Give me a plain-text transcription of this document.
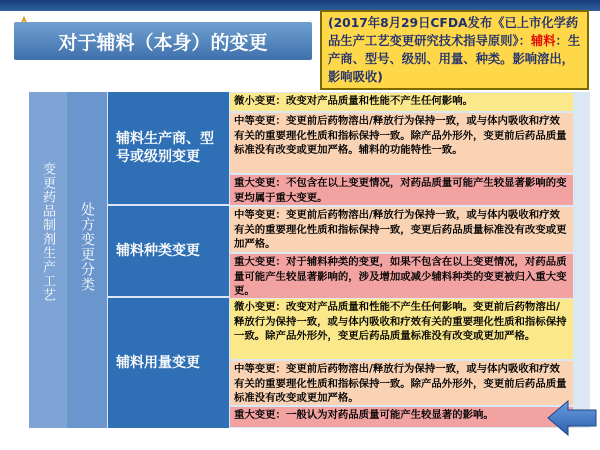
对于辅料（本身）的变更
(2017年8月29日CFDA发布《已上市化学药品生产工艺变更研究技术指导原则》：辅料：生产商、型号、级别、用量、种类。影响溶出，影响吸收)
变更药品制剂生产工艺 处方变更分类
辅料生产商、型号或级别变更
辅料种类变更
辅料用量变更
微小变更：改变对产品质量和性能不产生任何影响。
中等变更：变更前后药物溶出/释放行为保持一致，或与体内吸收和疗效有关的重要理化性质和指标保持一致。除产品外形外，变更前后药品质量标准没有改变或更加严格。辅料的功能特性一致。
重大变更：不包含在以上变更情况，对药品质量可能产生较显著影响的变更均属于重大变更。
中等变更：变更前后药物溶出/释放行为保持一致，或与体内吸收和疗效有关的重要理化性质和指标保持一致，变更后药品质量标准没有改变或更加严格。
重大变更：对于辅料种类的变更，如果不包含在以上变更情况，对药品质量可能产生较显著影响的，涉及增加或减少辅料种类的变更被归入重大变更。
微小变更：改变对产品质量和性能不产生任何影响。变更前后药物溶出/释放行为保持一致，或与体内吸收和疗效有关的重要理化性质和指标保持一致。除产品外形外，变更后药品质量标准没有改变或更加严格。
中等变更：变更前后药物溶出/释放行为保持一致，或与体内吸收和疗效有关的重要理化性质和指标保持一致。除产品外形外，变更前后药品质量标准没有改变或更加严格。
重大变更：一般认为对药品质量可能产生较显著的影响。
